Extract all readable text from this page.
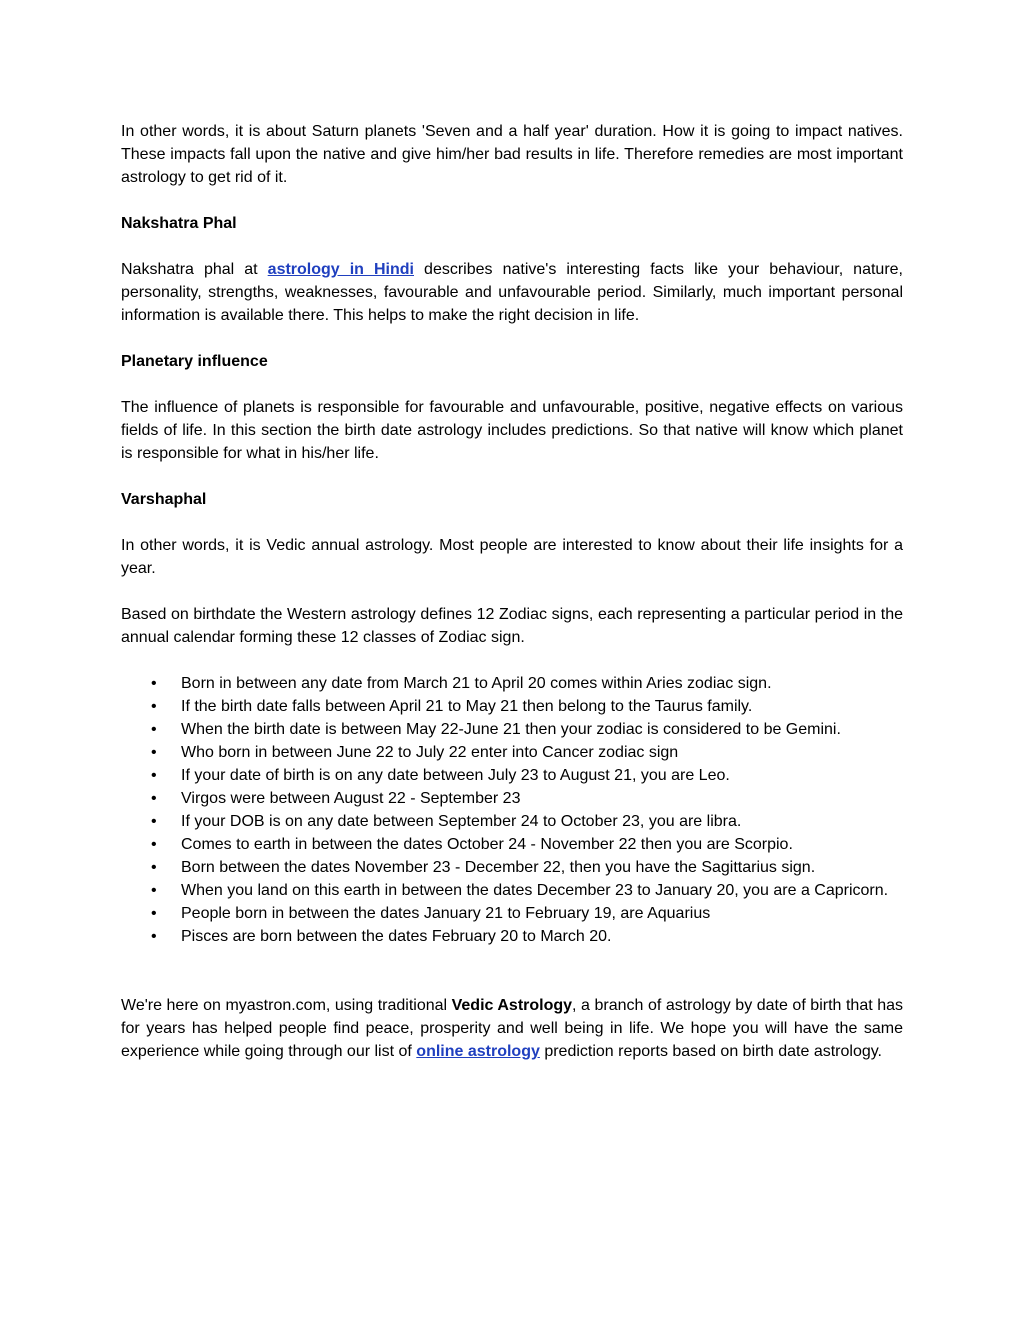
In other words, it is about Saturn planets 'Seven and a half year' duration. How it is going to impact natives. These impacts fall upon the native and give him/her bad results in life. Therefore remedies are most important astrology to get rid of it.

Nakshatra Phal

Nakshatra phal at astrology in Hindi describes native's interesting facts like your behaviour, nature, personality, strengths, weaknesses, favourable and unfavourable period. Similarly, much important personal information is available there. This helps to make the right decision in life.

Planetary influence

The influence of planets is responsible for favourable and unfavourable, positive, negative effects on various fields of life. In this section the birth date astrology includes predictions. So that native will know which planet is responsible for what in his/her life.

Varshaphal

In other words, it is Vedic annual astrology. Most people are interested to know about their life insights for a year.

Based on birthdate the Western astrology defines 12 Zodiac signs, each representing a particular period in the annual calendar forming these 12 classes of Zodiac sign.

• Born in between any date from March 21 to April 20 comes within Aries zodiac sign.
• If the birth date falls between April 21 to May 21 then belong to the Taurus family.
• When the birth date is between May 22-June 21 then your zodiac is considered to be Gemini.
• Who born in between June 22 to July 22 enter into Cancer zodiac sign
• If your date of birth is on any date between July 23 to August 21, you are Leo.
• Virgos were between August 22 - September 23
• If your DOB is on any date between September 24 to October 23, you are libra.
• Comes to earth in between the dates October 24 - November 22 then you are Scorpio.
• Born between the dates November 23 - December 22, then you have the Sagittarius sign.
• When you land on this earth in between the dates December 23 to January 20, you are a Capricorn.
• People born in between the dates January 21 to February 19, are Aquarius
• Pisces are born between the dates February 20 to March 20.

We're here on myastron.com, using traditional Vedic Astrology, a branch of astrology by date of birth that has for years has helped people find peace, prosperity and well being in life. We hope you will have the same experience while going through our list of online astrology prediction reports based on birth date astrology.
